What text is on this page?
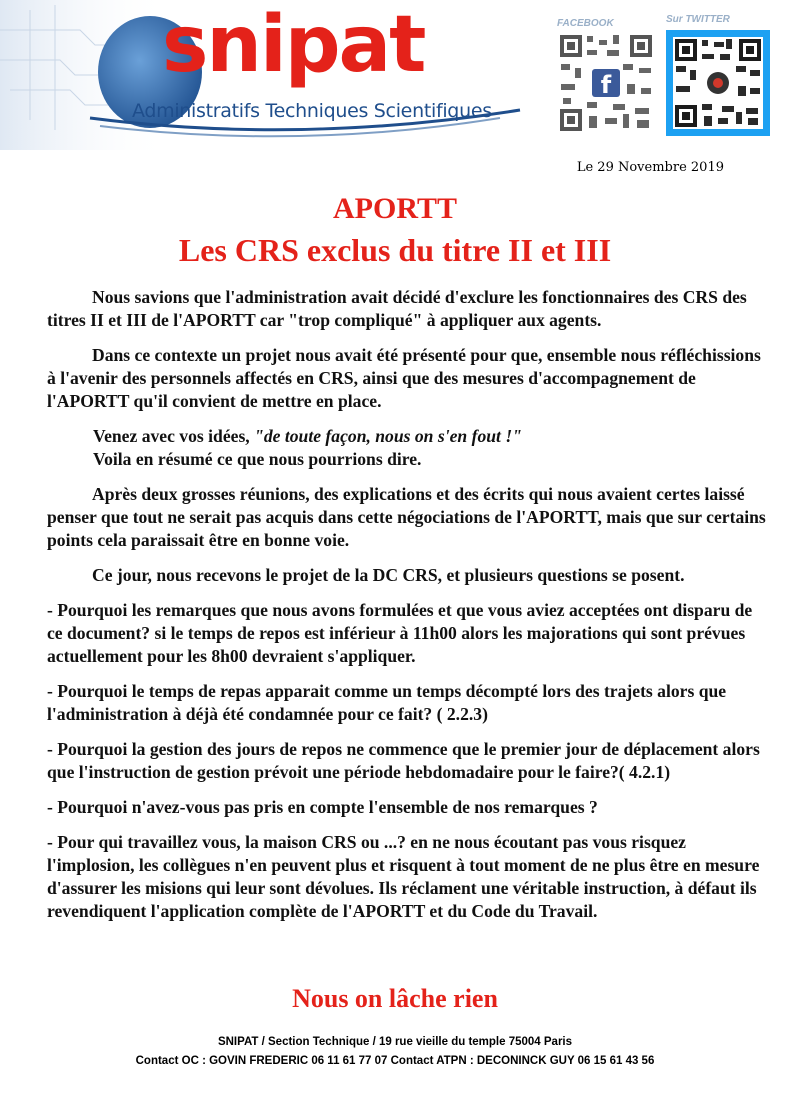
snipat
Administratifs Techniques Scientifiques
FACEBOOK
f
Sur TWITTER
Le 29 Novembre 2019
APORTT
Les CRS exclus du titre II et III

Nous savions que l'administration avait décidé d'exclure les fonctionnaires des CRS des titres II et III de l'APORTT car "trop compliqué" à appliquer aux agents.

Dans ce contexte un projet nous avait été présenté pour que, ensemble nous réfléchissions à l'avenir des personnels affectés en CRS, ainsi que des mesures d'accompagnement de l'APORTT qu'il convient de mettre en place.

Venez avec vos idées, "de toute façon, nous on s'en fout !"
Voila en résumé ce que nous pourrions dire.

Après deux grosses réunions, des explications et des écrits qui nous avaient certes laissé penser que tout ne serait pas acquis dans cette négociations de l'APORTT, mais que sur certains points cela paraissait être en bonne voie.

Ce jour, nous recevons le projet de la DC CRS, et plusieurs questions se posent.

- Pourquoi les remarques que nous avons formulées et que vous aviez acceptées ont disparu de ce document? si le temps de repos est inférieur à 11h00 alors les majorations qui sont prévues actuellement pour les 8h00 devraient s'appliquer.

- Pourquoi le temps de repas apparait comme un temps décompté lors des trajets alors que l'administration à déjà été condamnée pour ce fait? ( 2.2.3)

- Pourquoi la gestion des jours de repos ne commence que le premier jour de déplacement alors que l'instruction de gestion prévoit une période hebdomadaire pour le faire?( 4.2.1)

- Pourquoi n'avez-vous pas pris en compte l'ensemble de nos remarques ?

- Pour qui travaillez vous, la maison CRS ou ...? en ne nous écoutant pas vous risquez l'implosion, les collègues n'en peuvent plus et risquent à tout moment de ne plus être en mesure d'assurer les misions qui leur sont dévolues. Ils réclament une véritable instruction, à défaut ils revendiquent l'application complète de l'APORTT et du Code du Travail.

Nous on lâche rien
SNIPAT / Section Technique / 19 rue vieille du temple 75004 Paris
Contact OC : GOVIN FREDERIC 06 11 61 77 07 Contact ATPN : DECONINCK GUY 06 15 61 43 56
